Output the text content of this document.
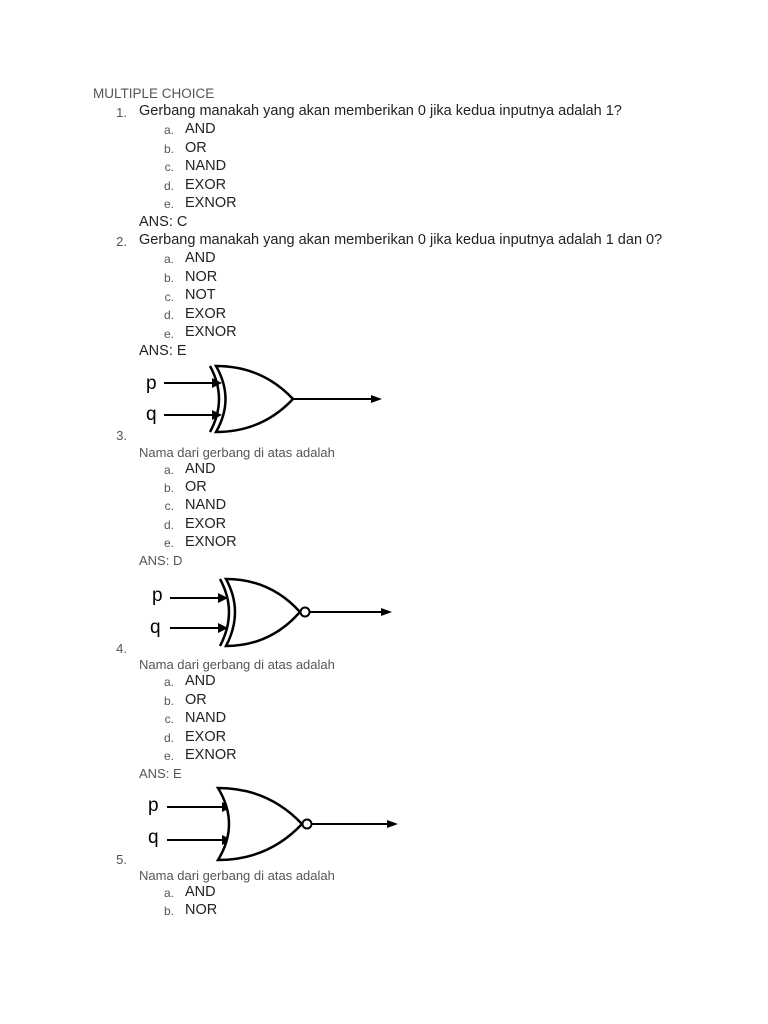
MULTIPLE CHOICE
1. Gerbang manakah yang akan memberikan 0 jika kedua inputnya adalah 1?
a. AND
b. OR
c. NAND
d. EXOR
e. EXNOR
ANS: C
2. Gerbang manakah yang akan memberikan 0 jika kedua inputnya adalah 1 dan 0?
a. AND
b. NOR
c. NOT
d. EXOR
e. EXNOR
ANS: E
p
q
3.
Nama dari gerbang di atas adalah
a. AND
b. OR
c. NAND
d. EXOR
e. EXNOR
ANS: D
p
q
4.
Nama dari gerbang di atas adalah
a. AND
b. OR
c. NAND
d. EXOR
e. EXNOR
ANS: E
p
q
5.
Nama dari gerbang di atas adalah
a. AND
b. NOR
